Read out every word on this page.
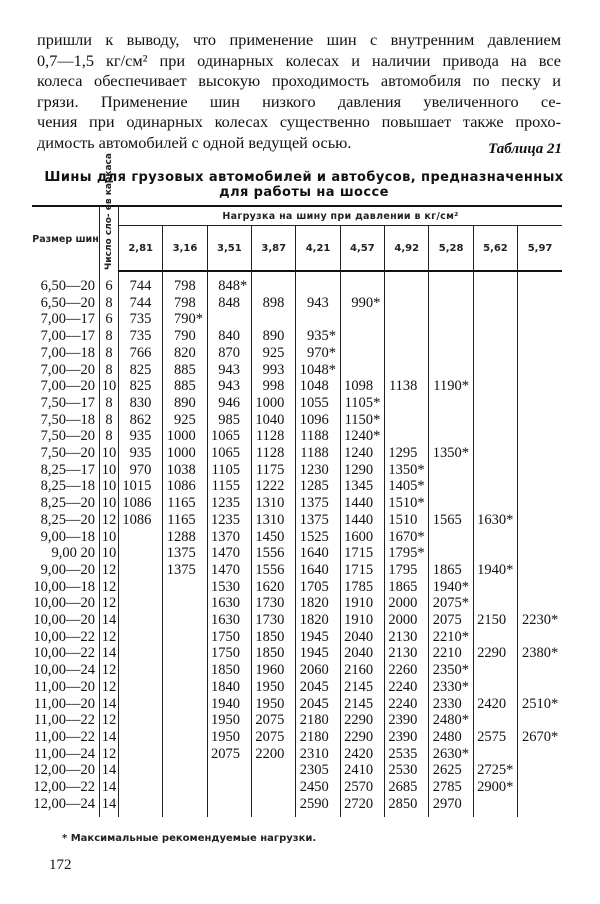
пришли к выводу, что применение шин с внутренним давлением
0,7—1,5 кг/см² при одинарных колесах и наличии привода на все
колеса обеспечивает высокую проходимость автомобиля по песку и
грязи. Применение шин низкого давления увеличенного се-
чения при одинарных колесах существенно повышает также прохо-
димость автомобилей с одной ведущей осью.	Таблица 21
Шины для грузовых автомобилей и автобусов, предназначенных
для работы на шоссе
Размер шин	Число сло- ев каркаса	Нагрузка на шину при давлении в кг/см²									
		2,81	3,16	3,51	3,87	4,21	4,57	4,92	5,28	5,62	5,97
6,50—20	6	744	798	848*							
6,50—20	8	744	798	848	898	943	990*				
7,00—17	6	735	790*								
7,00—17	8	735	790	840	890	935*					
7,00—18	8	766	820	870	925	970*					
7,00—20	8	825	885	943	993	1048*					
7,00—20	10	825	885	943	998	1048	1098	1138	1190*		
7,50—17	8	830	890	946	1000	1055	1105*				
7,50—18	8	862	925	985	1040	1096	1150*				
7,50—20	8	935	1000	1065	1128	1188	1240*				
7,50—20	10	935	1000	1065	1128	1188	1240	1295	1350*		
8,25—17	10	970	1038	1105	1175	1230	1290	1350*			
8,25—18	10	1015	1086	1155	1222	1285	1345	1405*			
8,25—20	10	1086	1165	1235	1310	1375	1440	1510*			
8,25—20	12	1086	1165	1235	1310	1375	1440	1510	1565	1630*	
9,00—18	10		1288	1370	1450	1525	1600	1670*			
9,00 20	10		1375	1470	1556	1640	1715	1795*			
9,00—20	12		1375	1470	1556	1640	1715	1795	1865	1940*	
10,00—18	12			1530	1620	1705	1785	1865	1940*		
10,00—20	12			1630	1730	1820	1910	2000	2075*		
10,00—20	14			1630	1730	1820	1910	2000	2075	2150	2230*
10,00—22	12			1750	1850	1945	2040	2130	2210*		
10,00—22	14			1750	1850	1945	2040	2130	2210	2290	2380*
10,00—24	12			1850	1960	2060	2160	2260	2350*		
11,00—20	12			1840	1950	2045	2145	2240	2330*		
11,00—20	14			1940	1950	2045	2145	2240	2330	2420	2510*
11,00—22	12			1950	2075	2180	2290	2390	2480*		
11,00—22	14			1950	2075	2180	2290	2390	2480	2575	2670*
11,00—24	12			2075	2200	2310	2420	2535	2630*		
12,00—20	14					2305	2410	2530	2625	2725*	
12,00—22	14					2450	2570	2685	2785	2900*	
12,00—24	14					2590	2720	2850	2970		
* Максимальные рекомендуемые нагрузки.
172
